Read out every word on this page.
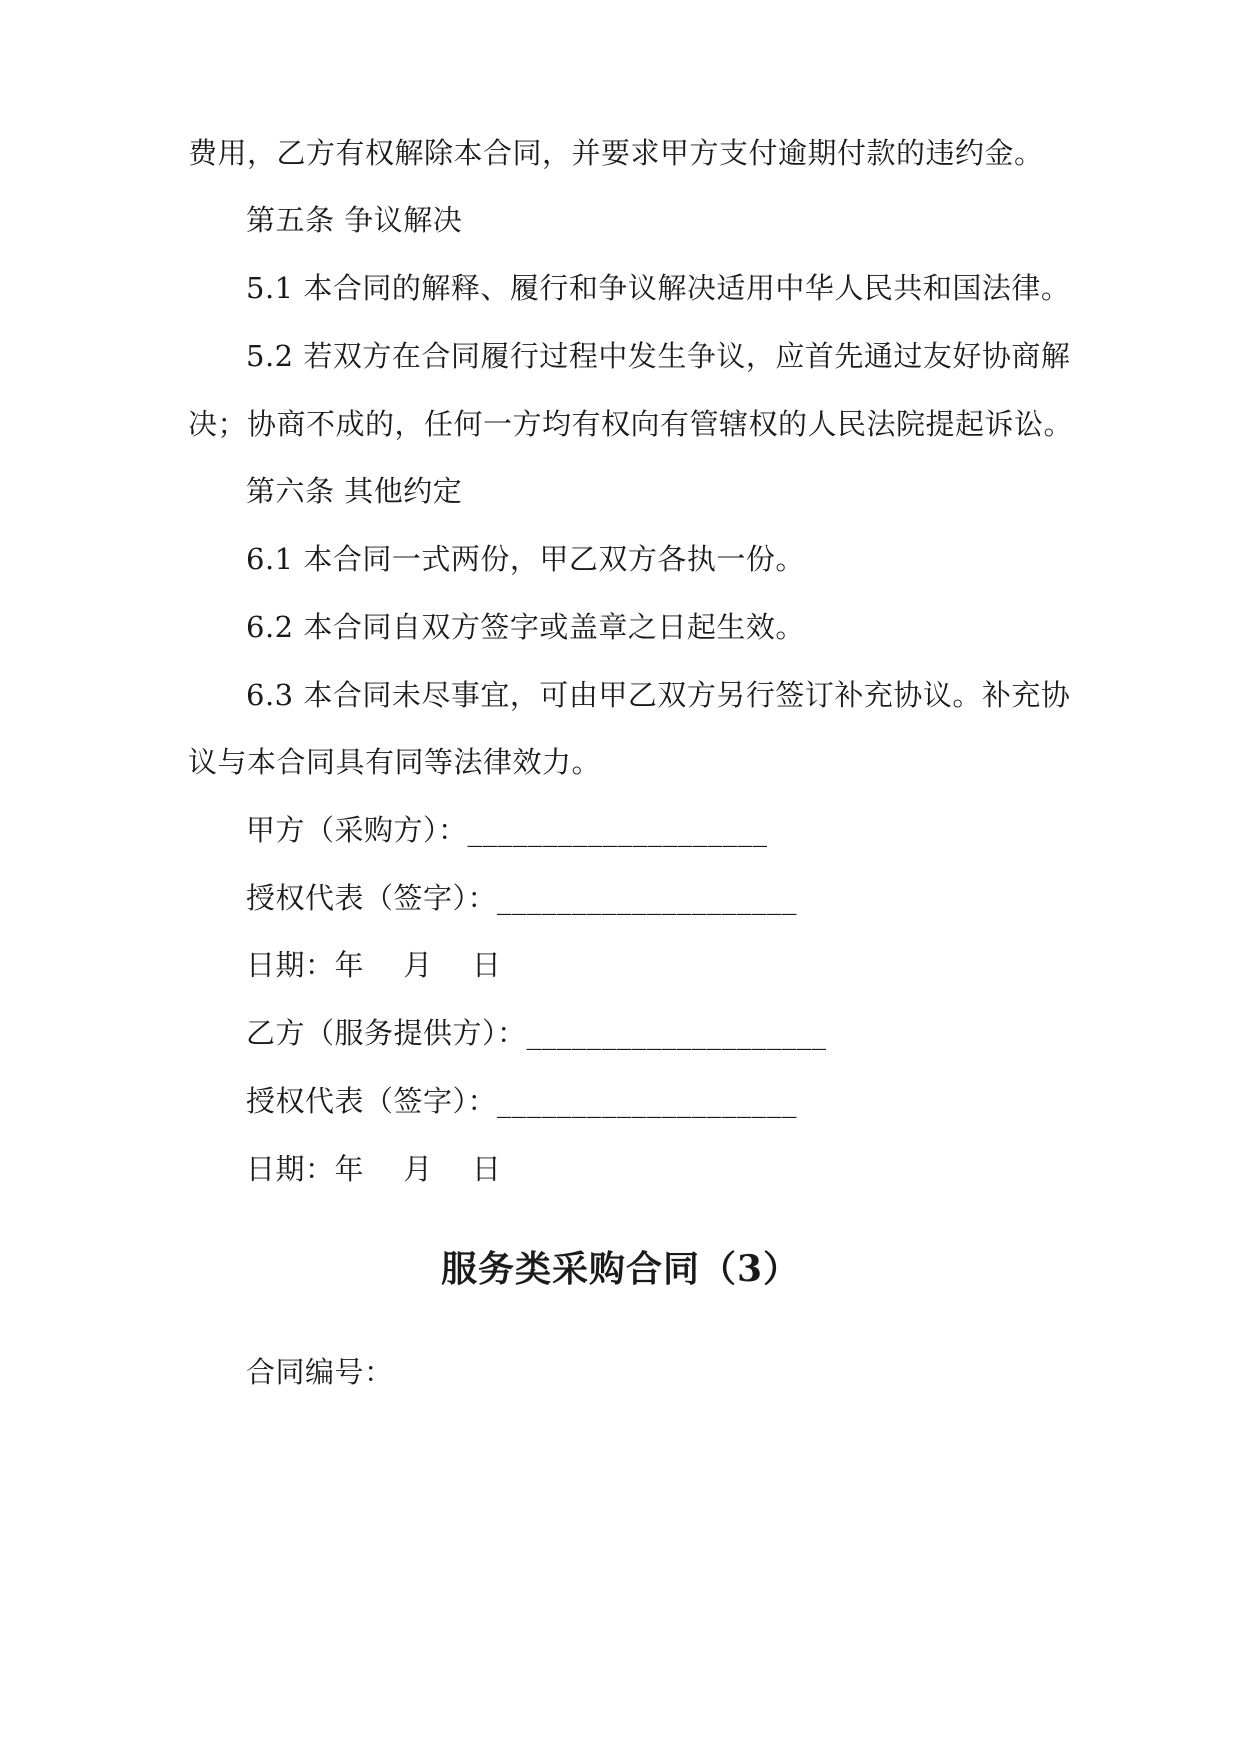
费用，乙方有权解除本合同，并要求甲方支付逾期付款的违约金。
第五条 争议解决
5.1 本合同的解释、履行和争议解决适用中华人民共和国法律。
5.2 若双方在合同履行过程中发生争议，应首先通过友好协商解
决；协商不成的，任何一方均有权向有管辖权的人民法院提起诉讼。
第六条 其他约定
6.1 本合同一式两份，甲乙双方各执一份。
6.2 本合同自双方签字或盖章之日起生效。
6.3 本合同未尽事宜，可由甲乙双方另行签订补充协议。补充协
议与本合同具有同等法律效力。
甲方（采购方）：____________________
授权代表（签字）：____________________
日期：年　 月　 日
乙方（服务提供方）：____________________
授权代表（签字）：____________________
日期：年　 月　 日
服务类采购合同（3）
合同编号：
